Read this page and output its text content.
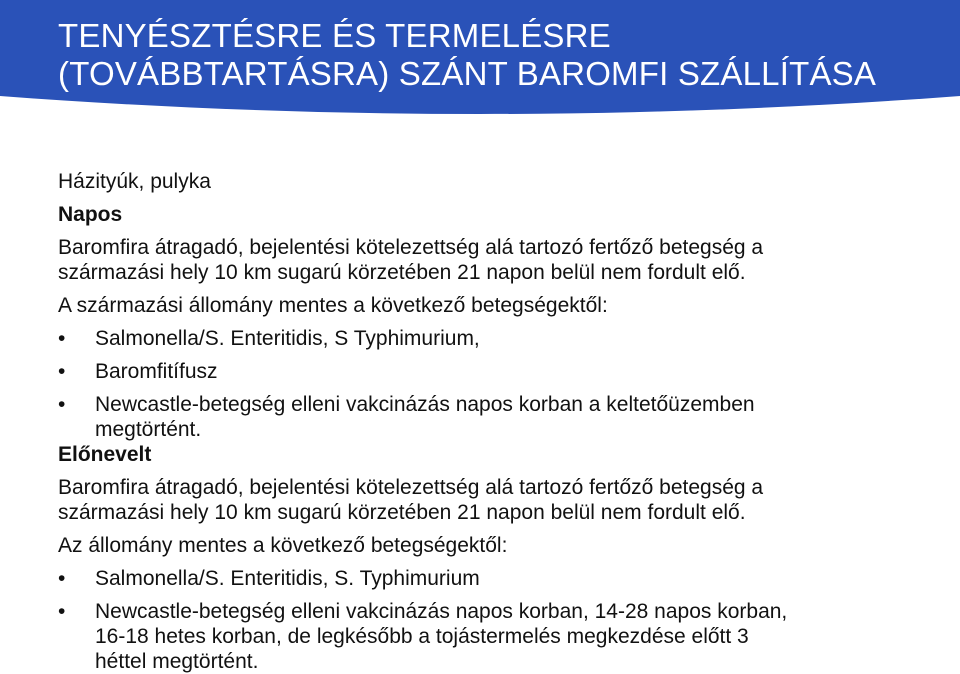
TENYÉSZTÉSRE ÉS TERMELÉSRE
(TOVÁBBTARTÁSRA) SZÁNT BAROMFI SZÁLLÍTÁSA

Házityúk, pulyka

Napos

Baromfira átragadó, bejelentési kötelezettség alá tartozó fertőző betegség a

származási hely 10 km sugarú körzetében 21 napon belül nem fordult elő.

A származási állomány mentes a következő betegségektől:

• Salmonella/S. Enteritidis, S Typhimurium,
• Baromfitífusz
• Newcastle-betegség elleni vakcinázás napos korban a keltetőüzemben
megtörtént.

Előnevelt

Baromfira átragadó, bejelentési kötelezettség alá tartozó fertőző betegség a

származási hely 10 km sugarú körzetében 21 napon belül nem fordult elő.

Az állomány mentes a következő betegségektől:

• Salmonella/S. Enteritidis, S. Typhimurium
• Newcastle-betegség elleni vakcinázás napos korban, 14-28 napos korban,
16-18 hetes korban, de legkésőbb a tojástermelés megkezdése előtt 3
héttel megtörtént.
